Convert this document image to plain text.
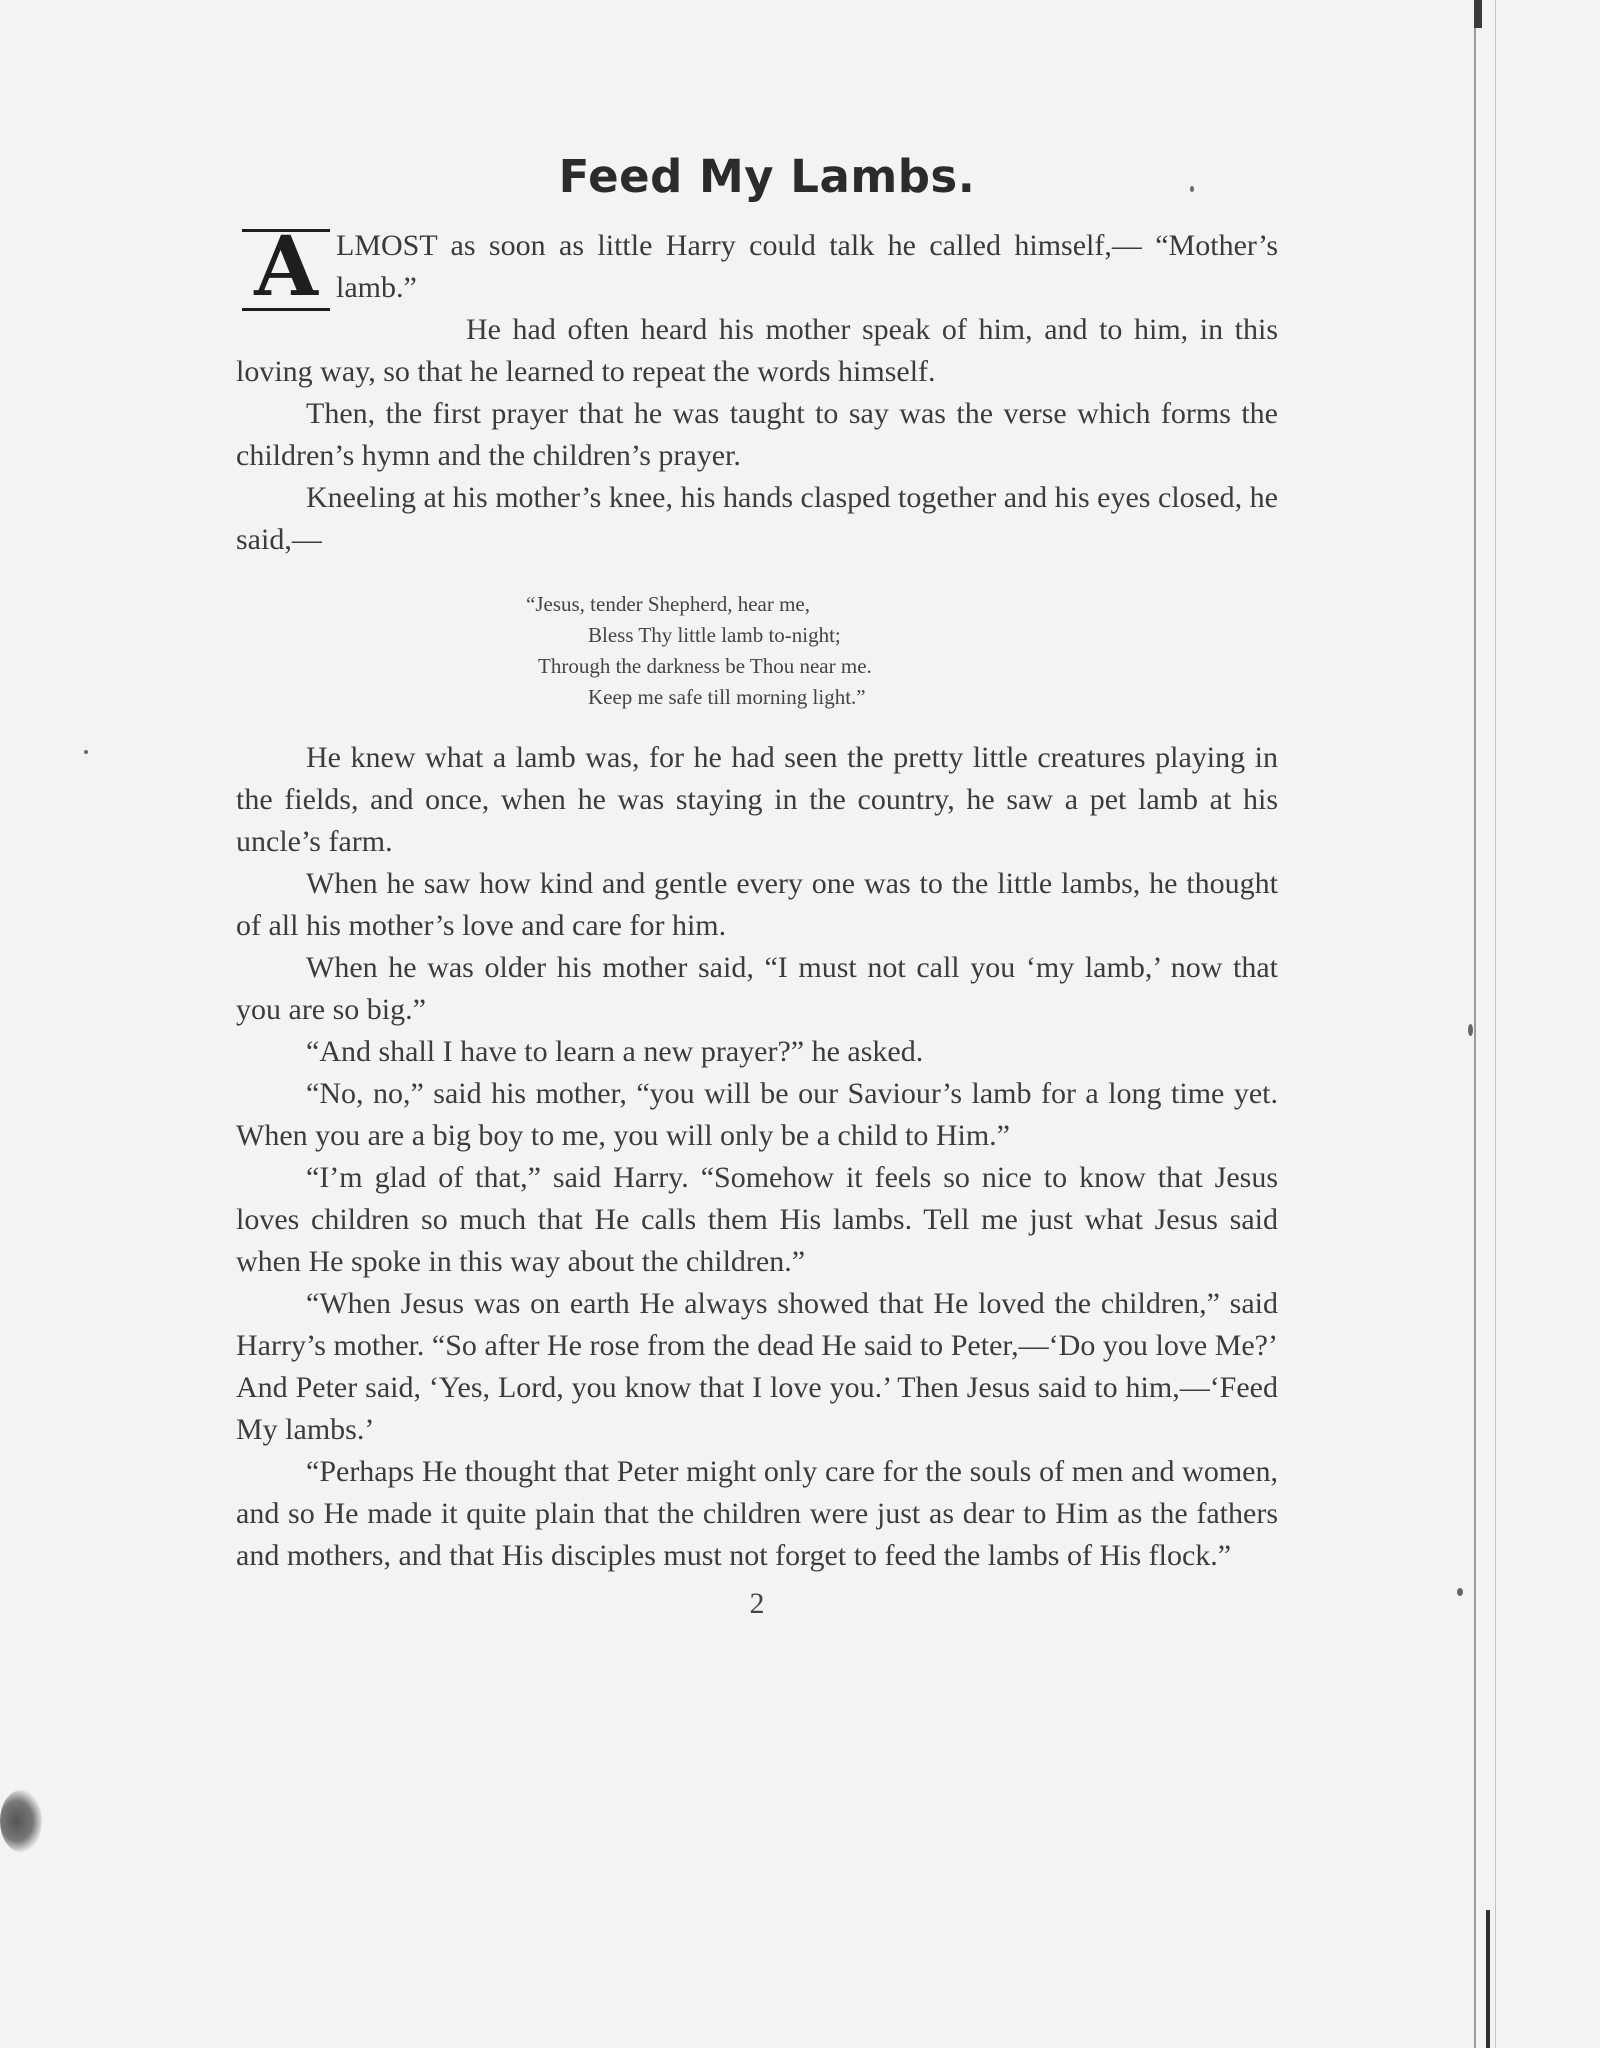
Feed My Lambs.

A LMOST as soon as little Harry could talk he called himself,— “Mother’s lamb.”

He had often heard his mother speak of him, and to him, in this loving way, so that he learned to repeat the words himself.

Then, the first prayer that he was taught to say was the verse which forms the children’s hymn and the children’s prayer.

Kneeling at his mother’s knee, his hands clasped together and his eyes closed, he said,—

“Jesus, tender Shepherd, hear me,
Bless Thy little lamb to-night;
Through the darkness be Thou near me.
Keep me safe till morning light.”

He knew what a lamb was, for he had seen the pretty little creatures playing in the fields, and once, when he was staying in the country, he saw a pet lamb at his uncle’s farm.

When he saw how kind and gentle every one was to the little lambs, he thought of all his mother’s love and care for him.

When he was older his mother said, “I must not call you ‘my lamb,’ now that you are so big.”

“And shall I have to learn a new prayer?” he asked.

“No, no,” said his mother, “you will be our Saviour’s lamb for a long time yet. When you are a big boy to me, you will only be a child to Him.”

“I’m glad of that,” said Harry. “Somehow it feels so nice to know that Jesus loves children so much that He calls them His lambs. Tell me just what Jesus said when He spoke in this way about the children.”

“When Jesus was on earth He always showed that He loved the children,” said Harry’s mother. “So after He rose from the dead He said to Peter,—‘Do you love Me?’ And Peter said, ‘Yes, Lord, you know that I love you.’ Then Jesus said to him,—‘Feed My lambs.’

“Perhaps He thought that Peter might only care for the souls of men and women, and so He made it quite plain that the children were just as dear to Him as the fathers and mothers, and that His disciples must not forget to feed the lambs of His flock.”

2
